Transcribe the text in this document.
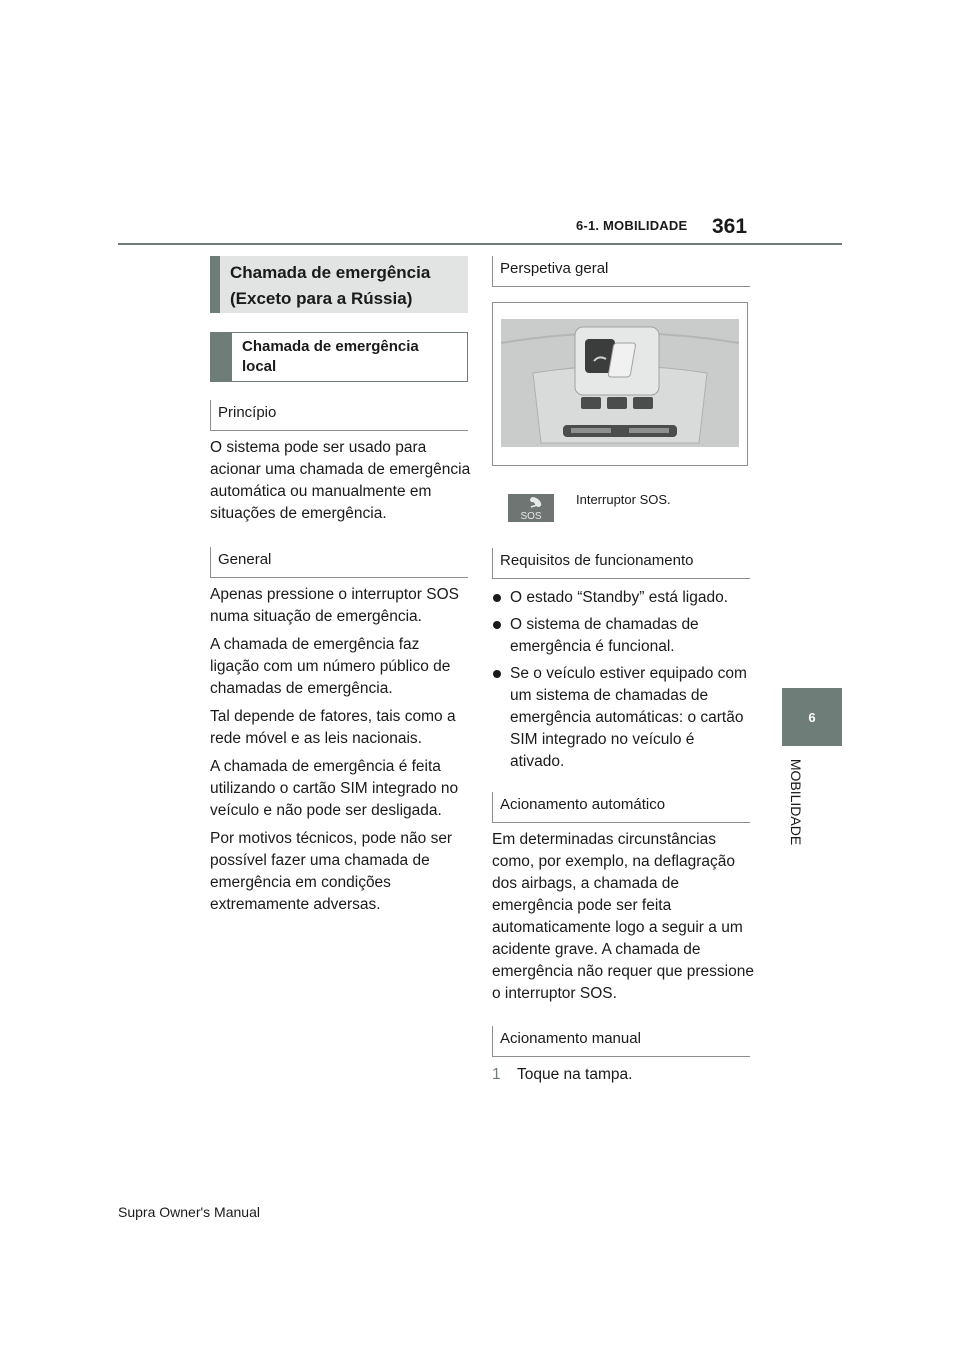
6-1. MOBILIDADE 361
6
MOBILIDADE
Chamada de emergência (Exceto para a Rússia)
Chamada de emergência local
Princípio

O sistema pode ser usado para acionar uma chamada de emergência automática ou manualmente em situações de emergência.

General

Apenas pressione o interruptor SOS numa situação de emergência.

A chamada de emergência faz ligação com um número público de chamadas de emergência.

Tal depende de fatores, tais como a rede móvel e as leis nacionais.

A chamada de emergência é feita utilizando o cartão SIM integrado no veículo e não pode ser desligada.

Por motivos técnicos, pode não ser possível fazer uma chamada de emergência em condições extremamente adversas.

Perspetiva geral
SOS
Interruptor SOS.
Requisitos de funcionamento
O estado “Standby” está ligado.
O sistema de chamadas de emergência é funcional.
Se o veículo estiver equipado com um sistema de chamadas de emergência automáticas: o cartão SIM integrado no veículo é ativado.
Acionamento automático

Em determinadas circunstâncias como, por exemplo, na deflagração dos airbags, a chamada de emergência pode ser feita automaticamente logo a seguir a um acidente grave. A chamada de emergência não requer que pressione o interruptor SOS.

Acionamento manual
1 Toque na tampa.
Supra Owner's Manual
